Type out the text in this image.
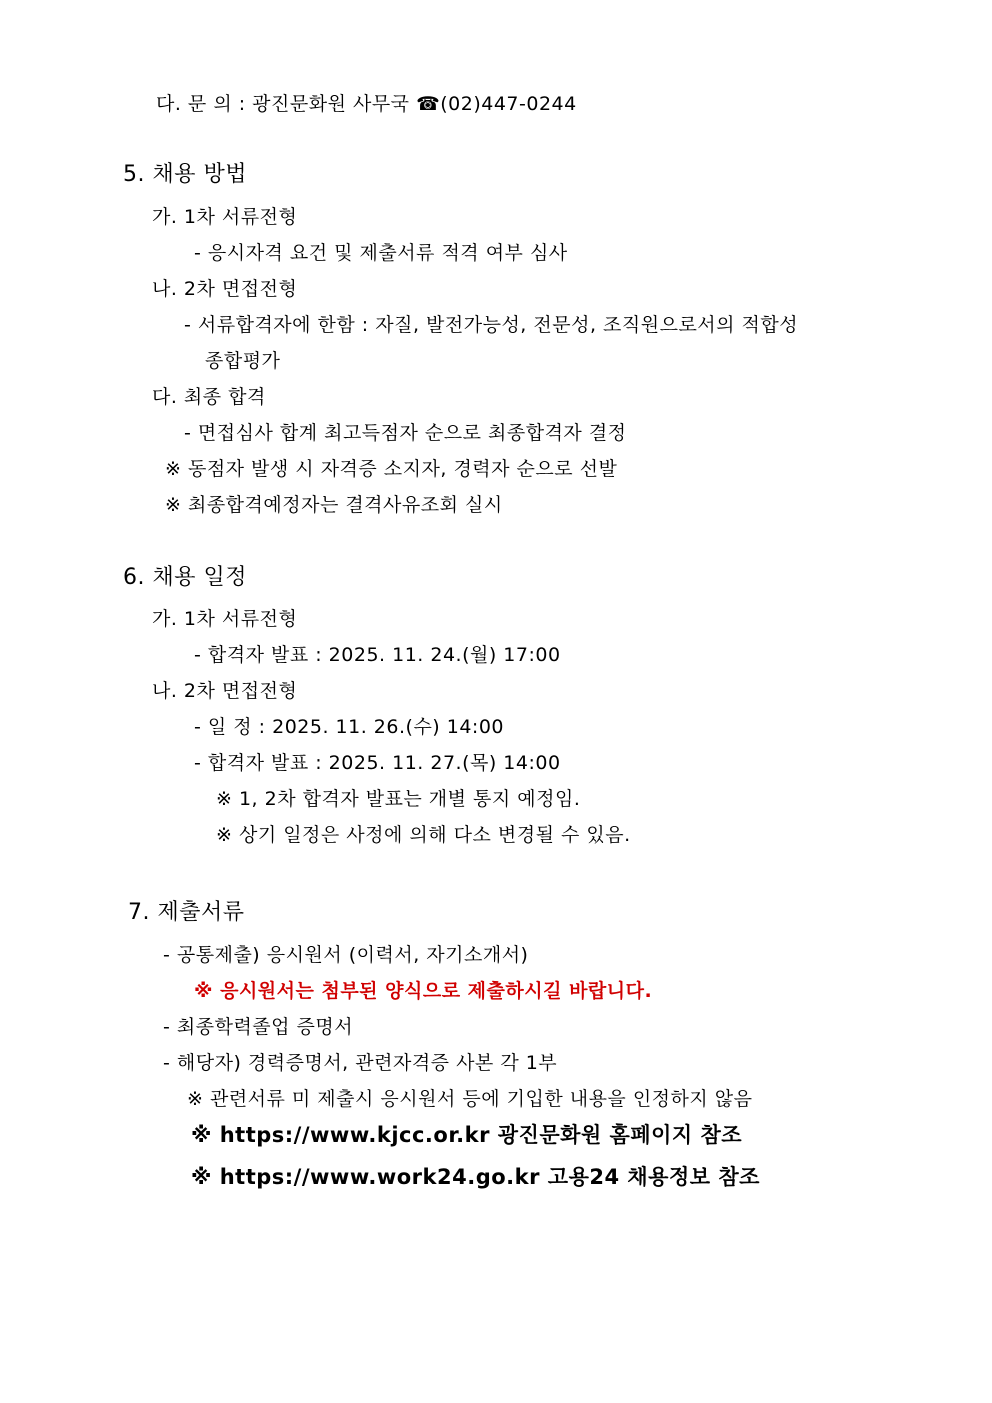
다. 문 의 : 광진문화원 사무국 ☎(02)447-0244
5. 채용 방법
가. 1차 서류전형
- 응시자격 요건 및 제출서류 적격 여부 심사
나. 2차 면접전형
- 서류합격자에 한함 : 자질, 발전가능성, 전문성, 조직원으로서의 적합성
종합평가
다. 최종 합격
- 면접심사 합계 최고득점자 순으로 최종합격자 결정
※ 동점자 발생 시 자격증 소지자, 경력자 순으로 선발
※ 최종합격예정자는 결격사유조회 실시
6. 채용 일정
가. 1차 서류전형
- 합격자 발표 : 2025. 11. 24.(월) 17:00
나. 2차 면접전형
- 일 정 : 2025. 11. 26.(수) 14:00
- 합격자 발표 : 2025. 11. 27.(목) 14:00
※ 1, 2차 합격자 발표는 개별 통지 예정임.
※ 상기 일정은 사정에 의해 다소 변경될 수 있음.
7. 제출서류
- 공통제출) 응시원서 (이력서, 자기소개서)
※ 응시원서는 첨부된 양식으로 제출하시길 바랍니다.
- 최종학력졸업 증명서
- 해당자) 경력증명서, 관련자격증 사본 각 1부
※ 관련서류 미 제출시 응시원서 등에 기입한 내용을 인정하지 않음
※ https://www.kjcc.or.kr 광진문화원 홈페이지 참조
※ https://www.work24.go.kr 고용24 채용정보 참조
